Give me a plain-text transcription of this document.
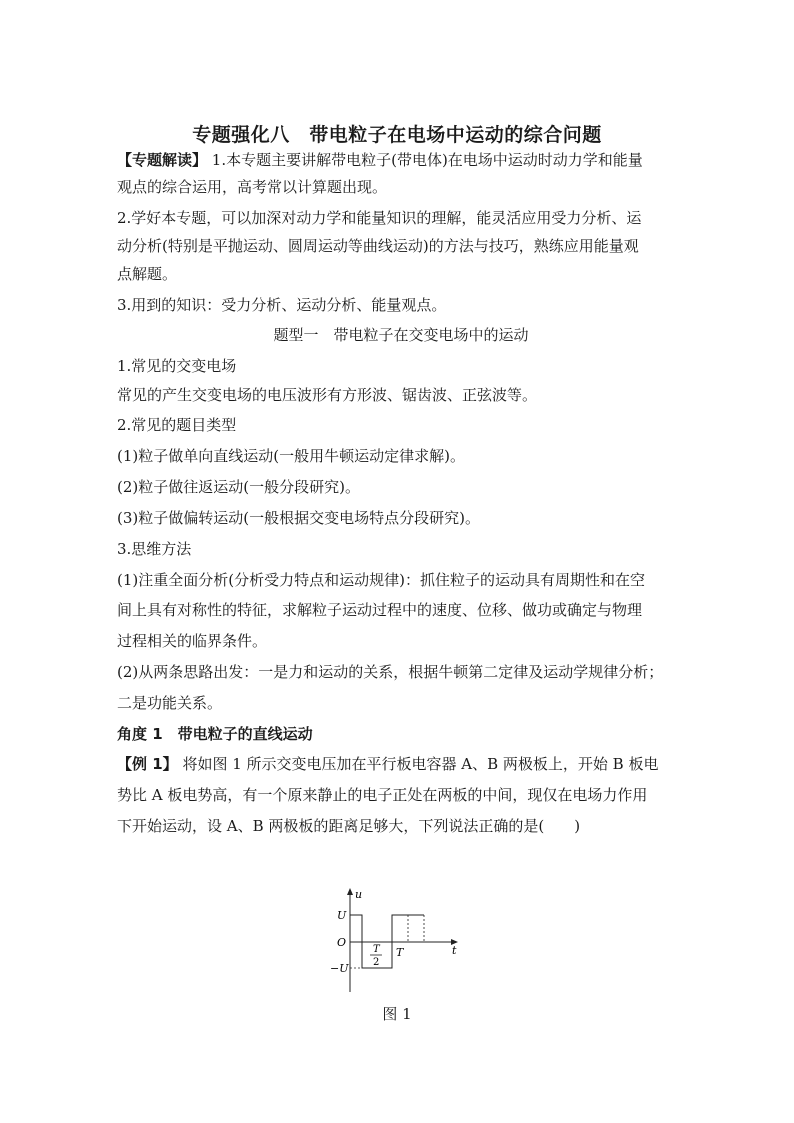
专题强化八　带电粒子在电场中运动的综合问题
【专题解读】 1.本专题主要讲解带电粒子(带电体)在电场中运动时动力学和能量
观点的综合运用，高考常以计算题出现。
2.学好本专题，可以加深对动力学和能量知识的理解，能灵活应用受力分析、运
动分析(特别是平抛运动、圆周运动等曲线运动)的方法与技巧，熟练应用能量观
点解题。
3.用到的知识：受力分析、运动分析、能量观点。
题型一　带电粒子在交变电场中的运动
1.常见的交变电场
常见的产生交变电场的电压波形有方形波、锯齿波、正弦波等。
2.常见的题目类型
(1)粒子做单向直线运动(一般用牛顿运动定律求解)。
(2)粒子做往返运动(一般分段研究)。
(3)粒子做偏转运动(一般根据交变电场特点分段研究)。
3.思维方法
(1)注重全面分析(分析受力特点和运动规律)：抓住粒子的运动具有周期性和在空
间上具有对称性的特征，求解粒子运动过程中的速度、位移、做功或确定与物理
过程相关的临界条件。
(2)从两条思路出发：一是力和运动的关系，根据牛顿第二定律及运动学规律分析；
二是功能关系。
角度 1　带电粒子的直线运动
【例 1】 将如图 1 所示交变电压加在平行板电容器 A、B 两极板上，开始 B 板电
势比 A 板电势高，有一个原来静止的电子正处在两板的中间，现仅在电场力作用
下开始运动，设 A、B 两极板的距离足够大，下列说法正确的是(　　)
u
t
O
U
−U
T
2
T
图 1
